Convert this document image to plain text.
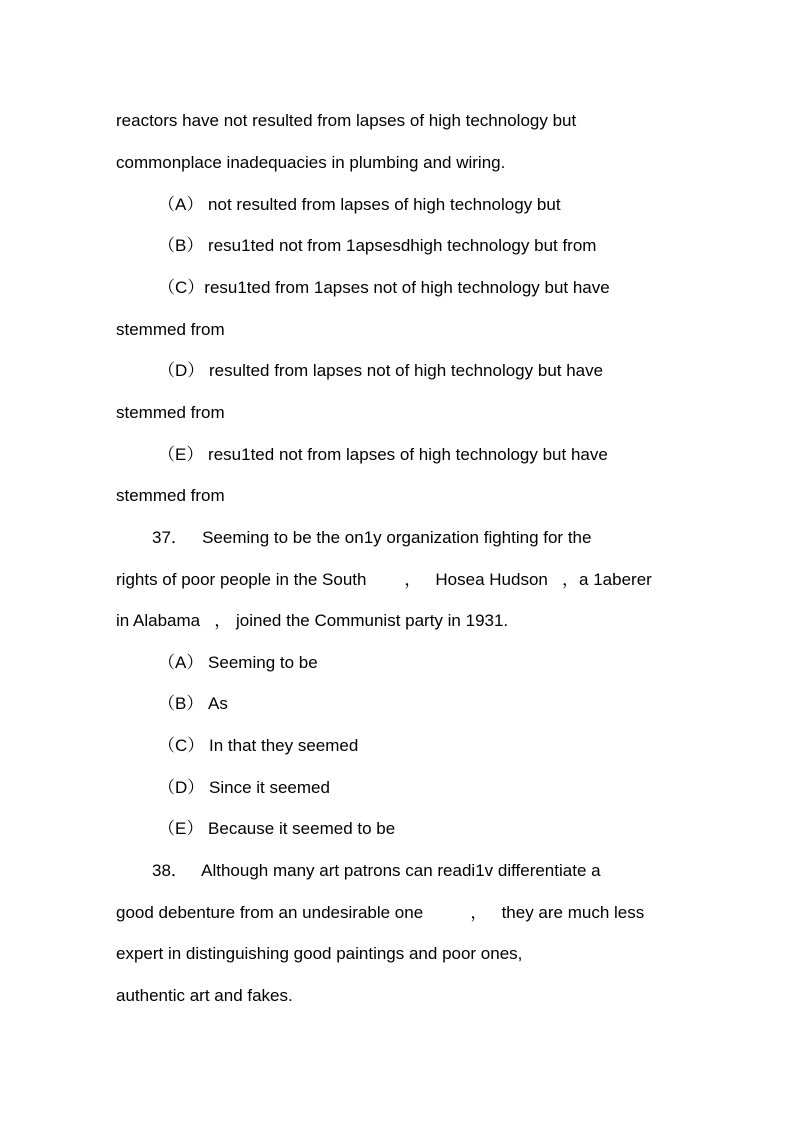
reactors have not resulted from lapses of high technology but
commonplace inadequacies in plumbing and wiring.
（A） not resulted from lapses of high technology but
（B） resu1ted not from 1apsesdhigh technology but from
（C）resu1ted from 1apses not of high technology but have
stemmed from
（D） resulted from lapses not of high technology but have
stemmed from
（E） resu1ted not from lapses of high technology but have
stemmed from
37．   Seeming to be the on1y organization fighting for the
rights of poor people in the South        ，   Hosea Hudson   ，a 1aberer
in Alabama   ， joined the Communist party in 1931.
（A） Seeming to be
（B） As
（C） In that they seemed
（D） Since it seemed
（E） Because it seemed to be
38．   Although many art patrons can readi1v differentiate a
good debenture from an undesirable one          ，   they are much less
expert in distinguishing good paintings and poor ones,
authentic art and fakes.
